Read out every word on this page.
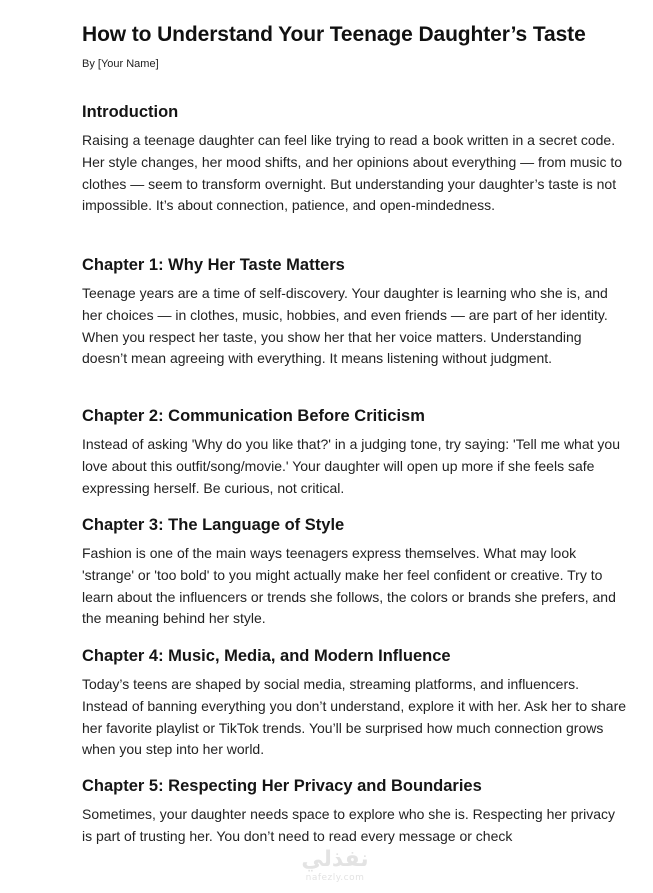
How to Understand Your Teenage Daughter’s Taste
By [Your Name]
Introduction

Raising a teenage daughter can feel like trying to read a book written in a secret code. Her style changes, her mood shifts, and her opinions about everything — from music to clothes — seem to transform overnight. But understanding your daughter’s taste is not impossible. It’s about connection, patience, and open-mindedness.

Chapter 1: Why Her Taste Matters

Teenage years are a time of self-discovery. Your daughter is learning who she is, and her choices — in clothes, music, hobbies, and even friends — are part of her identity. When you respect her taste, you show her that her voice matters. Understanding doesn’t mean agreeing with everything. It means listening without judgment.

Chapter 2: Communication Before Criticism

Instead of asking 'Why do you like that?' in a judging tone, try saying: 'Tell me what you love about this outfit/song/movie.' Your daughter will open up more if she feels safe expressing herself. Be curious, not critical.

Chapter 3: The Language of Style

Fashion is one of the main ways teenagers express themselves. What may look 'strange' or 'too bold' to you might actually make her feel confident or creative. Try to learn about the influencers or trends she follows, the colors or brands she prefers, and the meaning behind her style.

Chapter 4: Music, Media, and Modern Influence

Today’s teens are shaped by social media, streaming platforms, and influencers. Instead of banning everything you don’t understand, explore it with her. Ask her to share her favorite playlist or TikTok trends. You’ll be surprised how much connection grows when you step into her world.

Chapter 5: Respecting Her Privacy and Boundaries

Sometimes, your daughter needs space to explore who she is. Respecting her privacy is part of trusting her. You don’t need to read every message or check

نفذلي
nafezly.com
